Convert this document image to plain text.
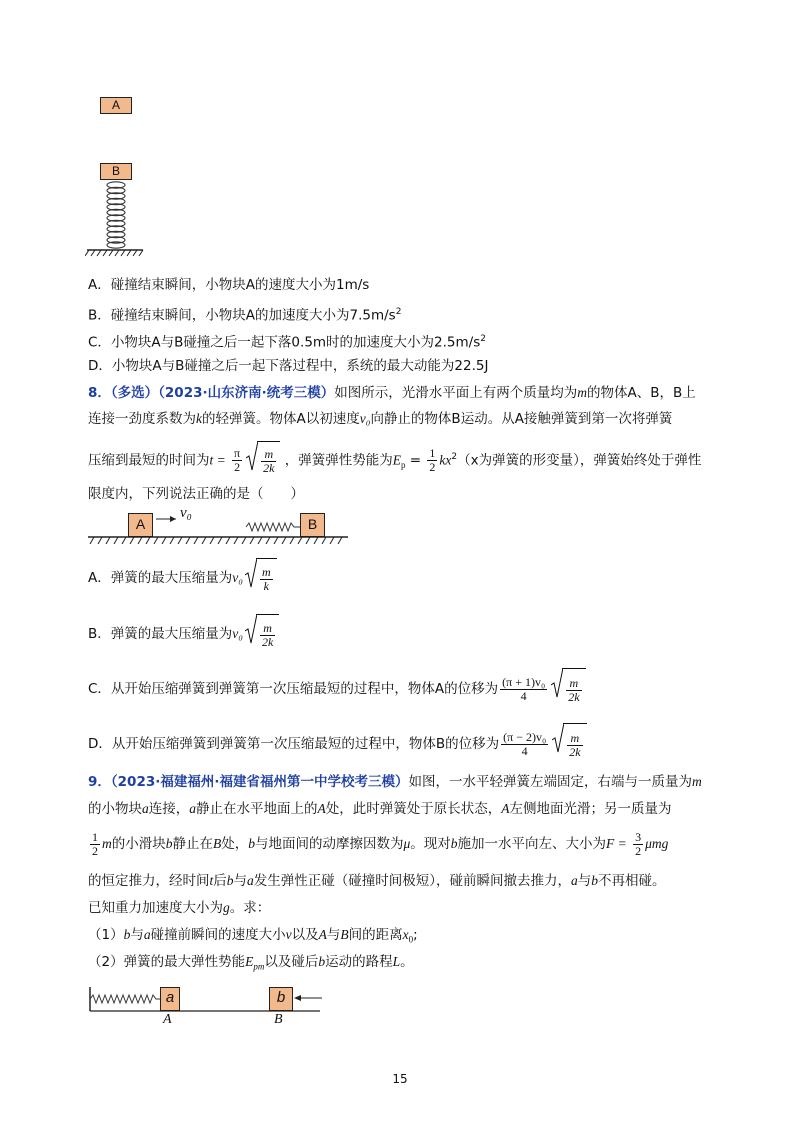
A
B
A．碰撞结束瞬间，小物块A的速度大小为1m/s
B．碰撞结束瞬间，小物块A的加速度大小为$7.5m/s^2$
C．小物块A与B碰撞之后一起下落0.5m时的加速度大小为$2.5m/s^2$
D．小物块A与B碰撞之后一起下落过程中，系统的最大动能为22.5J
8．（多选）（2023·山东济南·统考三模）如图所示，光滑水平面上有两个质量均为m的物体A、B，B上
连接一劲度系数为k的轻弹簧。物体A以初速度v₀向静止的物体B运动。从A接触弹簧到第一次将弹簧
压缩到最短的时间为$t = \frac{\pi}{2} \frac{m}{2k}$ ，弹簧弹性势能为$E_p = \frac{1}{2} kx^2(x$为弹簧的形变量），弹簧始终处于弹性
限度内，下列说法正确的是（　　）
A	B
v₀
A．弹簧的最大压缩量为$v_0 \frac{m}{k}$
B．弹簧的最大压缩量为$v_0 \frac{m}{2k}$
C．从开始压缩弹簧到弹簧第一次压缩最短的过程中，物体A的位移为 $\frac{\text{(π + 1)v₀}}{4} \frac{m}{2k}$
D．从开始压缩弹簧到弹簧第一次压缩最短的过程中，物体B的位移为 $\frac{\text{(π − 2)v₀}}{4} \frac{m}{2k}$
9．（2023·福建福州·福建省福州第一中学校考三模）如图，一水平轻弹簧左端固定，右端与一质量为m
的小物块a连接，a静止在水平地面上的A处，此时弹簧处于原长状态，A左侧地面光滑；另一质量为
$\frac{1}{2}$ m的小滑块b静止在B处，b与地面间的动摩擦因数为μ。现对b施加一水平向左、大小为$F = \frac{3}{2}$ μmg
的恒定推力，经时间t后b与a发生弹性正碰（碰撞时间极短），碰前瞬间撤去推力，a与b不再相碰。
已知重力加速度大小为g。求：
（1）b与a碰撞前瞬间的速度大小v以及A与B间的距离$x_0$;
（2）弹簧的最大弹性势能$E_{pm}$以及碰后b运动的路程L。
a	b
A	B
15
